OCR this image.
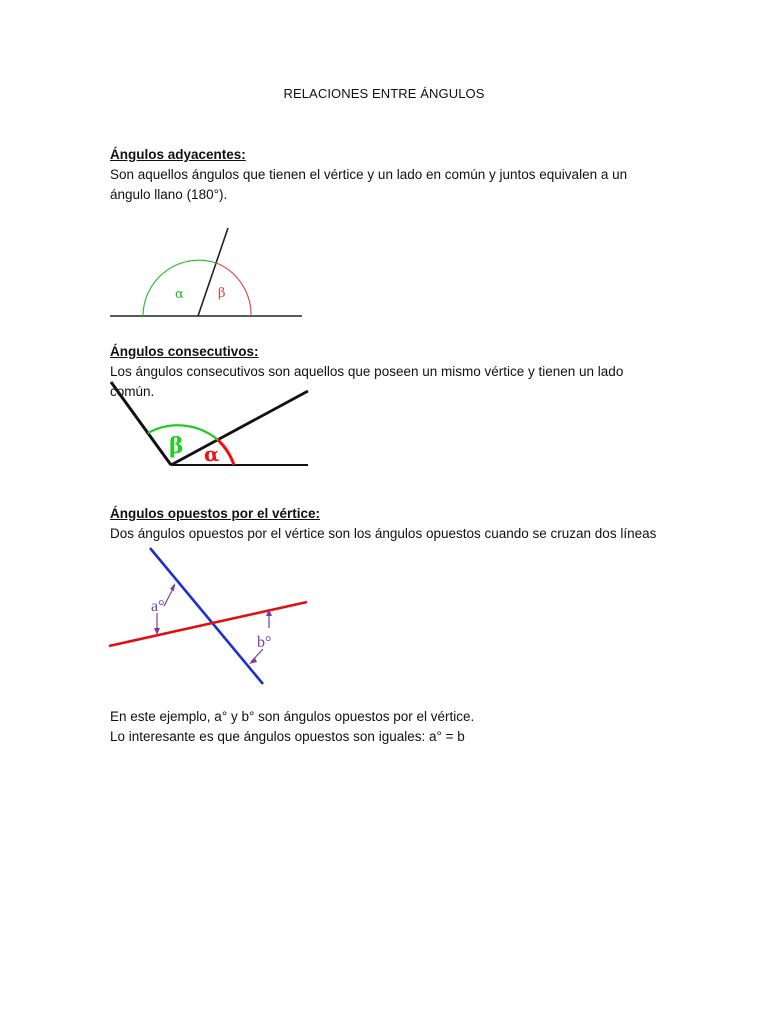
RELACIONES ENTRE ÁNGULOS
Ángulos adyacentes:

Son aquellos ángulos que tienen el vértice y un lado en común y juntos equivalen a un ángulo llano (180°).

α	β
Ángulos consecutivos:

Los ángulos consecutivos son aquellos que poseen un mismo vértice y tienen un lado común.

β α
Ángulos opuestos por el vértice:

Dos ángulos opuestos por el vértice son los ángulos opuestos cuando se cruzan dos líneas

a°
b°

En este ejemplo, a° y b° son ángulos opuestos por el vértice.

Lo interesante es que ángulos opuestos son iguales: a° = b
